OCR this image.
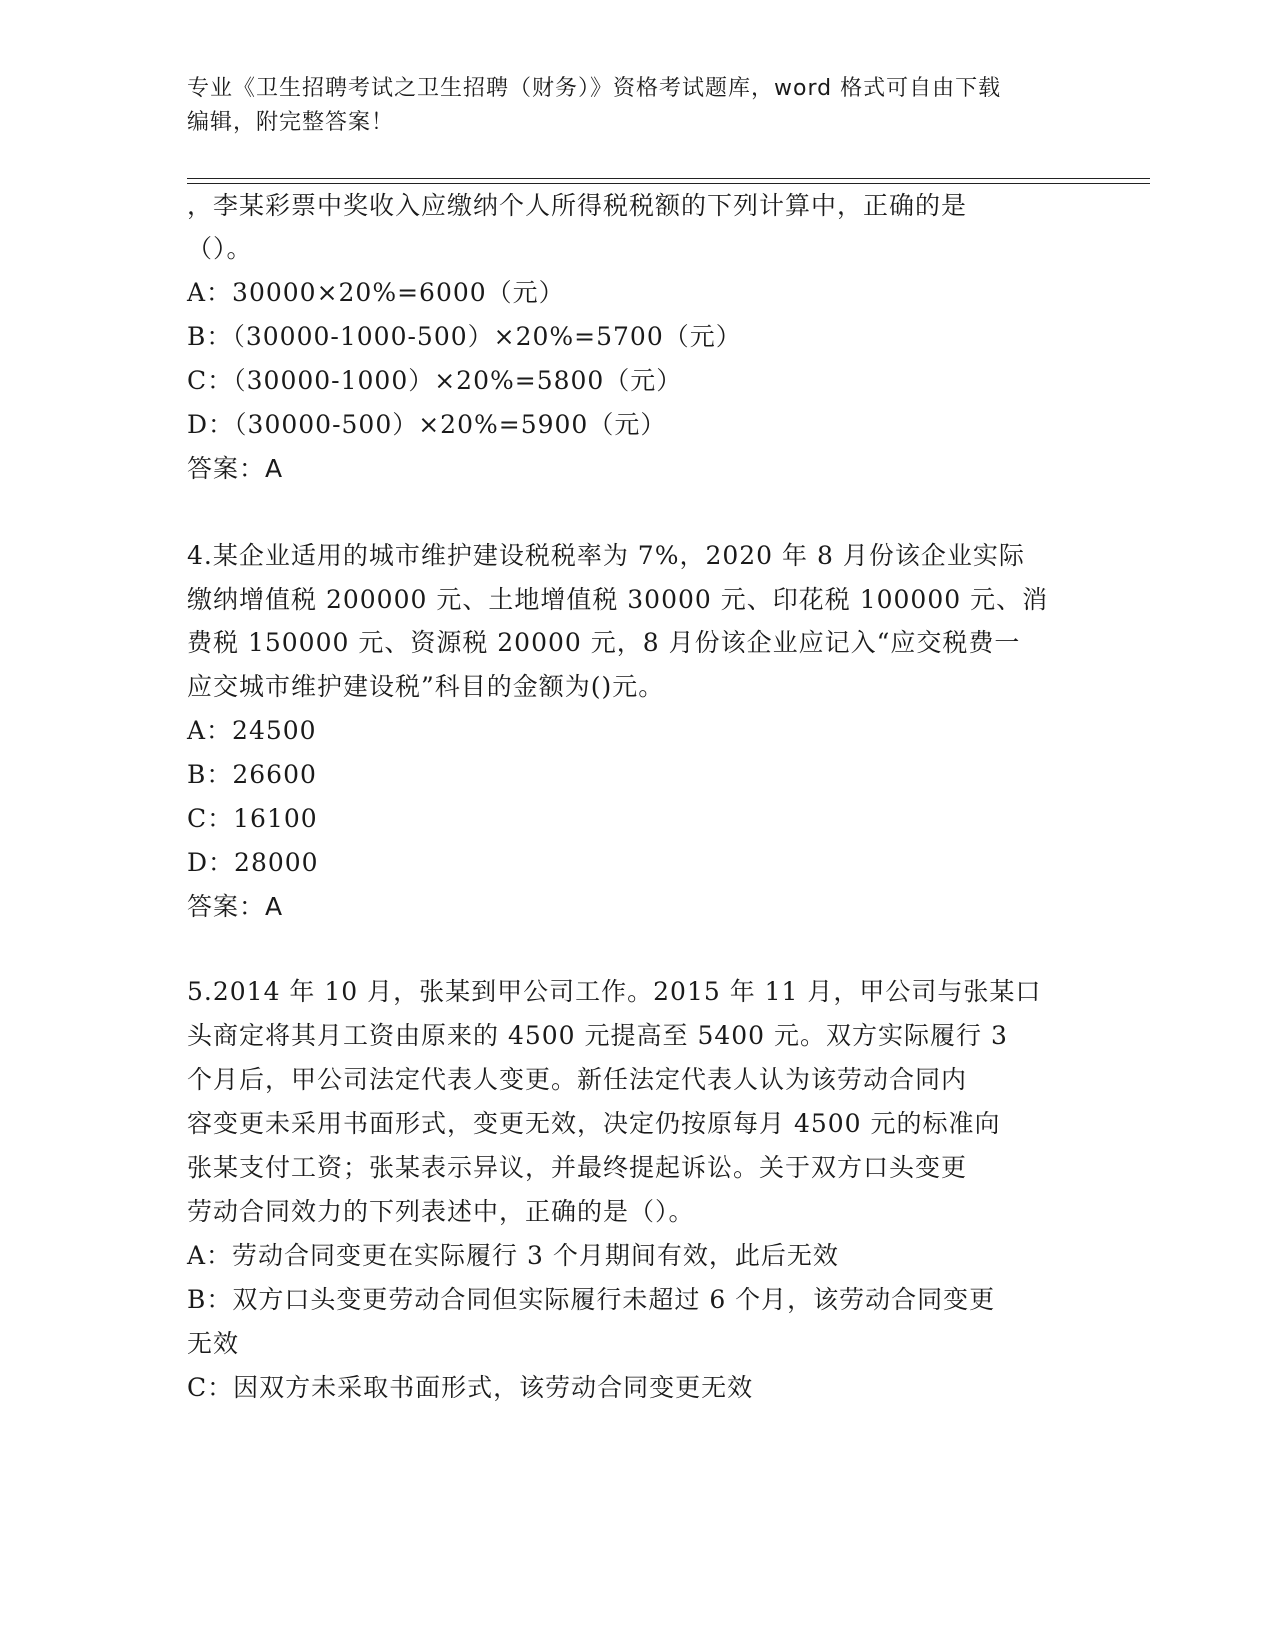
专业《卫生招聘考试之卫生招聘（财务）》资格考试题库，word 格式可自由下载
编辑，附完整答案！
，李某彩票中奖收入应缴纳个人所得税税额的下列计算中，正确的是
（）。
A：30000×20%=6000（元）
B：（30000-1000-500）×20%=5700（元）
C：（30000-1000）×20%=5800（元）
D：（30000-500）×20%=5900（元）
答案：A
4.某企业适用的城市维护建设税税率为 7%，2020 年 8 月份该企业实际
缴纳增值税 200000 元、土地增值税 30000 元、印花税 100000 元、消
费税 150000 元、资源税 20000 元，8 月份该企业应记入“应交税费一
应交城市维护建设税”科目的金额为()元。
A：24500
B：26600
C：16100
D：28000
答案：A
5.2014 年 10 月，张某到甲公司工作。2015 年 11 月，甲公司与张某口
头商定将其月工资由原来的 4500 元提高至 5400 元。双方实际履行 3
个月后，甲公司法定代表人变更。新任法定代表人认为该劳动合同内
容变更未采用书面形式，变更无效，决定仍按原每月 4500 元的标准向
张某支付工资；张某表示异议，并最终提起诉讼。关于双方口头变更
劳动合同效力的下列表述中，正确的是（）。
A：劳动合同变更在实际履行 3 个月期间有效，此后无效
B：双方口头变更劳动合同但实际履行未超过 6 个月，该劳动合同变更
无效
C：因双方未采取书面形式，该劳动合同变更无效
